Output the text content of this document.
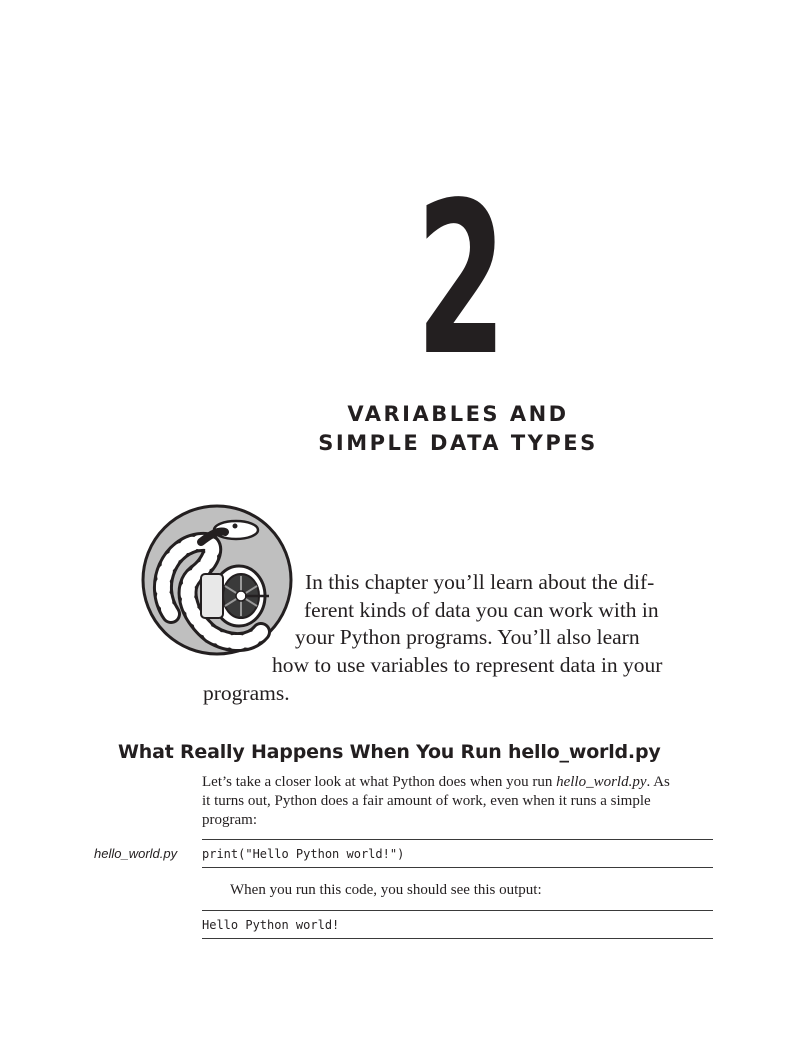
2
VARIABLES AND
SIMPLE DATA TYPES
In this chapter you’ll learn about the dif-
ferent kinds of data you can work with in
your Python programs. You’ll also learn
how to use variables to represent data in your
programs.
What Really Happens When You Run hello_world.py
Let’s take a closer look at what Python does when you run hello_world.py. As
it turns out, Python does a fair amount of work, even when it runs a simple
program:
hello_world.py print("Hello Python world!")
When you run this code, you should see this output:
Hello Python world!
